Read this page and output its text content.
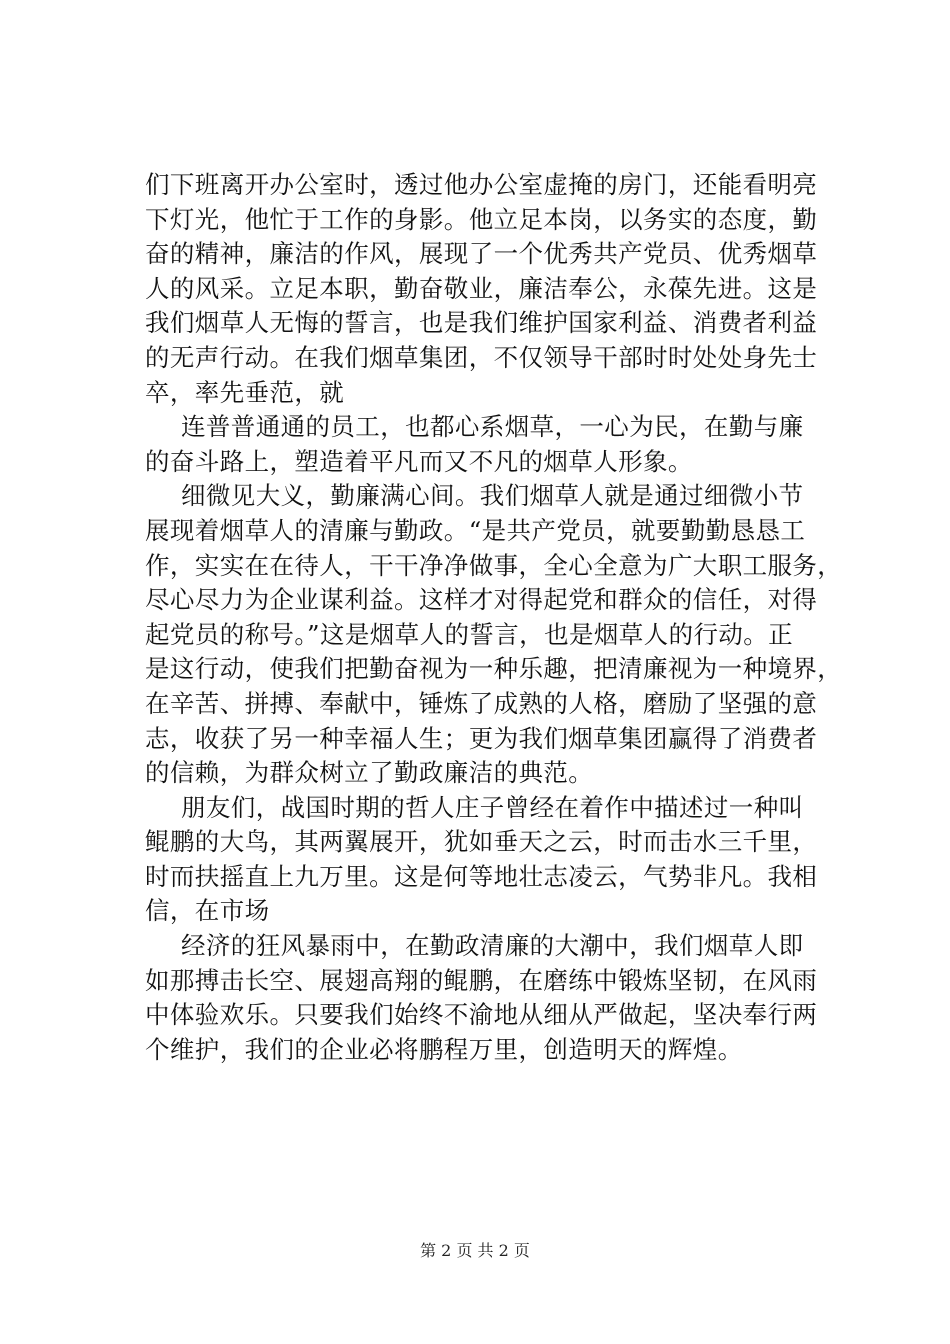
们下班离开办公室时，透过他办公室虚掩的房门，还能看明亮
下灯光，他忙于工作的身影。他立足本岗，以务实的态度，勤
奋的精神，廉洁的作风，展现了一个优秀共产党员、优秀烟草
人的风采。立足本职，勤奋敬业，廉洁奉公，永葆先进。这是
我们烟草人无悔的誓言，也是我们维护国家利益、消费者利益
的无声行动。在我们烟草集团，不仅领导干部时时处处身先士
卒，率先垂范，就
连普普通通的员工，也都心系烟草，一心为民，在勤与廉
的奋斗路上，塑造着平凡而又不凡的烟草人形象。
细微见大义，勤廉满心间。我们烟草人就是通过细微小节
展现着烟草人的清廉与勤政。“是共产党员，就要勤勤恳恳工
作，实实在在待人，干干净净做事，全心全意为广大职工服务，
尽心尽力为企业谋利益。这样才对得起党和群众的信任，对得
起党员的称号。”这是烟草人的誓言，也是烟草人的行动。正
是这行动，使我们把勤奋视为一种乐趣，把清廉视为一种境界，
在辛苦、拼搏、奉献中，锤炼了成熟的人格，磨励了坚强的意
志，收获了另一种幸福人生；更为我们烟草集团赢得了消费者
的信赖，为群众树立了勤政廉洁的典范。
朋友们，战国时期的哲人庄子曾经在着作中描述过一种叫
鲲鹏的大鸟，其两翼展开，犹如垂天之云，时而击水三千里，
时而扶摇直上九万里。这是何等地壮志凌云，气势非凡。我相
信，在市场
经济的狂风暴雨中，在勤政清廉的大潮中，我们烟草人即
如那搏击长空、展翅高翔的鲲鹏，在磨练中锻炼坚韧，在风雨
中体验欢乐。只要我们始终不渝地从细从严做起，坚决奉行两
个维护，我们的企业必将鹏程万里，创造明天的辉煌。
第 2 页 共 2 页
